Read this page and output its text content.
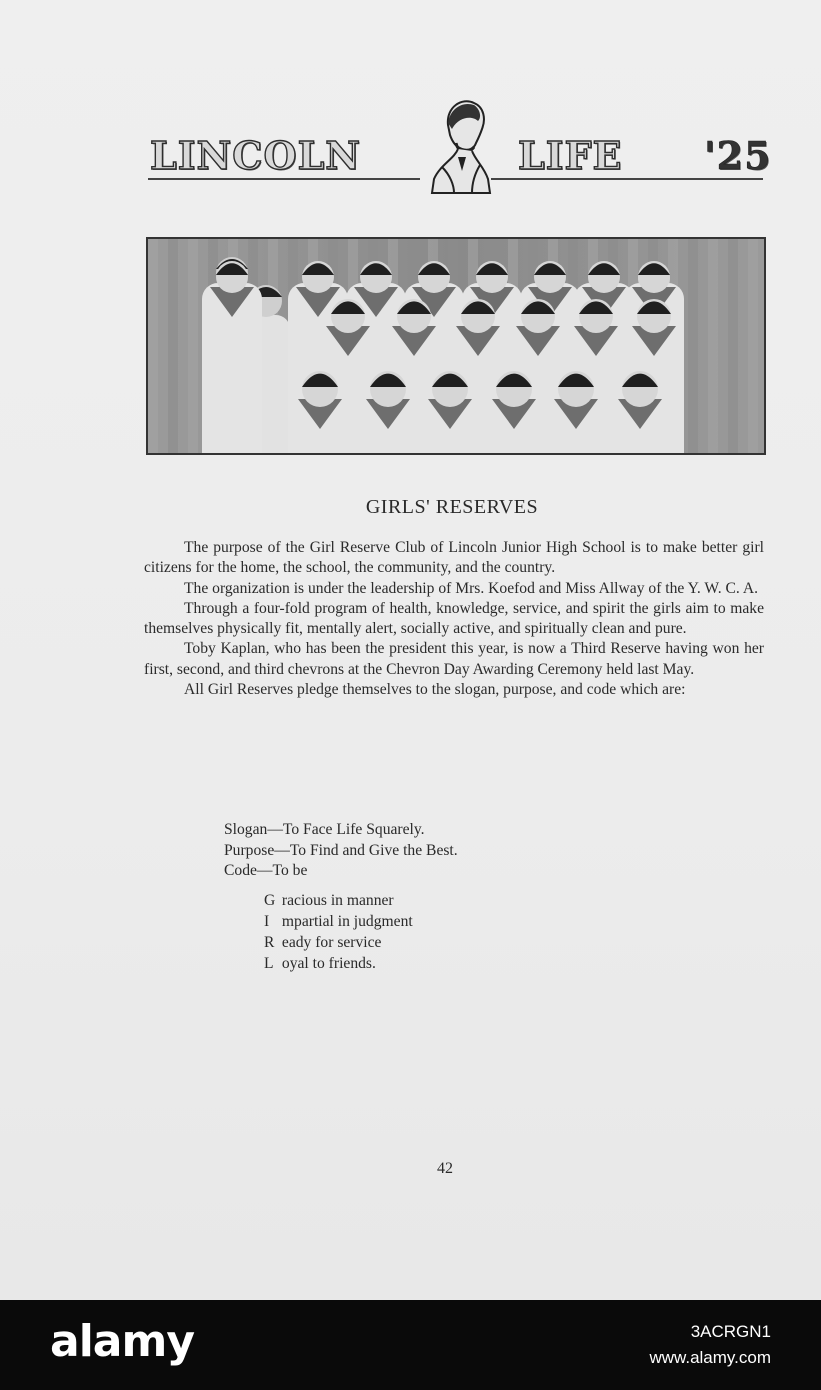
LINCOLN	LIFE '25
GIRLS' RESERVES

The purpose of the Girl Reserve Club of Lincoln Junior High School is to make better girl citizens for the home, the school, the community, and the country.

The organization is under the leadership of Mrs. Koefod and Miss Allway of the Y. W. C. A.

Through a four-fold program of health, knowledge, service, and spirit the girls aim to make themselves physically fit, mentally alert, socially active, and spiritually clean and pure.

Toby Kaplan, who has been the president this year, is now a Third Reserve having won her first, second, and third chevrons at the Chevron Day Awarding Ceremony held last May.

All Girl Reserves pledge themselves to the slogan, purpose, and code which are:

Slogan—To Face Life Squarely.
Purpose—To Find and Give the Best.
Code—To be
G racious in manner
I mpartial in judgment
R eady for service
L oyal to friends.
42
alamy	3ACRGN1
www.alamy.com
